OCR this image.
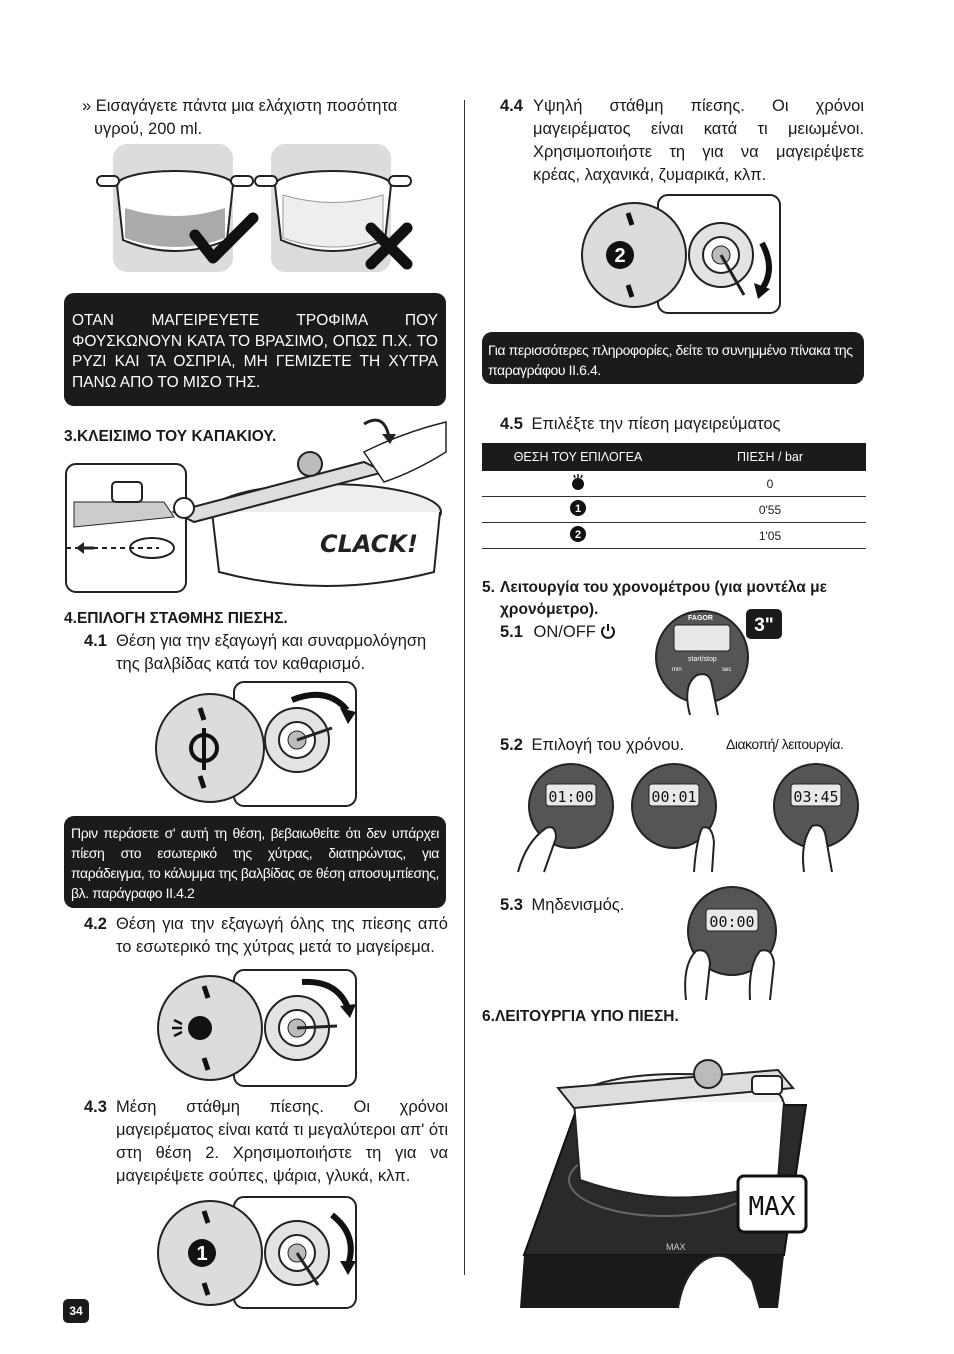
» Εισαγάγετε πάντα μια ελάχιστη ποσότητα
υγρού, 200 ml.
ΟΤΑΝ ΜΑΓΕΙΡΕΥΕΤΕ ΤΡΟΦΙΜΑ ΠΟΥ ΦΟΥΣΚΩΝΟΥΝ ΚΑΤΑ ΤΟ ΒΡΑΣΙΜΟ, ΟΠΩΣ Π.Χ. ΤΟ ΡΥΖΙ ΚΑΙ ΤΑ ΟΣΠΡΙΑ, ΜΗ ΓΕΜΙΖΕΤΕ ΤΗ ΧΥΤΡΑ ΠΑΝΩ ΑΠΟ ΤΟ ΜΙΣΟ ΤΗΣ.
3.ΚΛΕΙΣΙΜΟ ΤΟΥ ΚΑΠΑΚΙΟΥ.
CLACK!
4.ΕΠΙΛΟΓΗ ΣΤΑΘΜΗΣ ΠΙΕΣΗΣ.
4.1 Θέση για την εξαγωγή και συναρμολόγηση της βαλβίδας κατά τον καθαρισμό.
Πριν περάσετε σ' αυτή τη θέση, βεβαιωθείτε ότι δεν υπάρχει πίεση στο εσωτερικό της χύτρας, διατηρώντας, για παράδειγμα, το κάλυμμα της βαλβίδας σε θέση αποσυμπίεσης, βλ. παράγραφο II.4.2
4.2 Θέση για την εξαγωγή όλης της πίεσης από το εσωτερικό της χύτρας μετά το μαγείρεμα.
4.3 Μέση στάθμη πίεσης. Οι χρόνοι μαγειρέματος είναι κατά τι μεγαλύτεροι απ' ότι στη θέση 2. Χρησιμοποιήστε τη για να μαγειρέψετε σούπες, ψάρια, γλυκά, κλπ.
1
4.4 Υψηλή στάθμη πίεσης. Οι χρόνοι μαγειρέματος είναι κατά τι μειωμένοι. Χρησιμοποιήστε τη για να μαγειρέψετε κρέας, λαχανικά, ζυμαρικά, κλπ.
2
Για περισσότερες πληροφορίες, δείτε το συνημμένο πίνακα της παραγράφου II.6.4.
4.5 Επιλέξτε την πίεση μαγειρεύματος
ΘΕΣΗ ΤΟΥ ΕΠΙΛΟΓΕΑ	ΠΙΕΣΗ / bar
	0

1	0'55

2	1'05
5. Λειτουργία του χρονομέτρου (για μοντέλα με χρονόμετρο).
5.1 ON/OFF
FAGOR
start/stop
min	sec
3"
5.2 Επιλογή του χρόνου.	Διακοπή/ λειτουργία.
01:00	00:01	03:45
5.3 Μηδενισμός.
00:00
6.ΛΕΙΤΟΥΡΓΙΑ ΥΠΟ ΠΙΕΣΗ.
MAX
MAX
34
